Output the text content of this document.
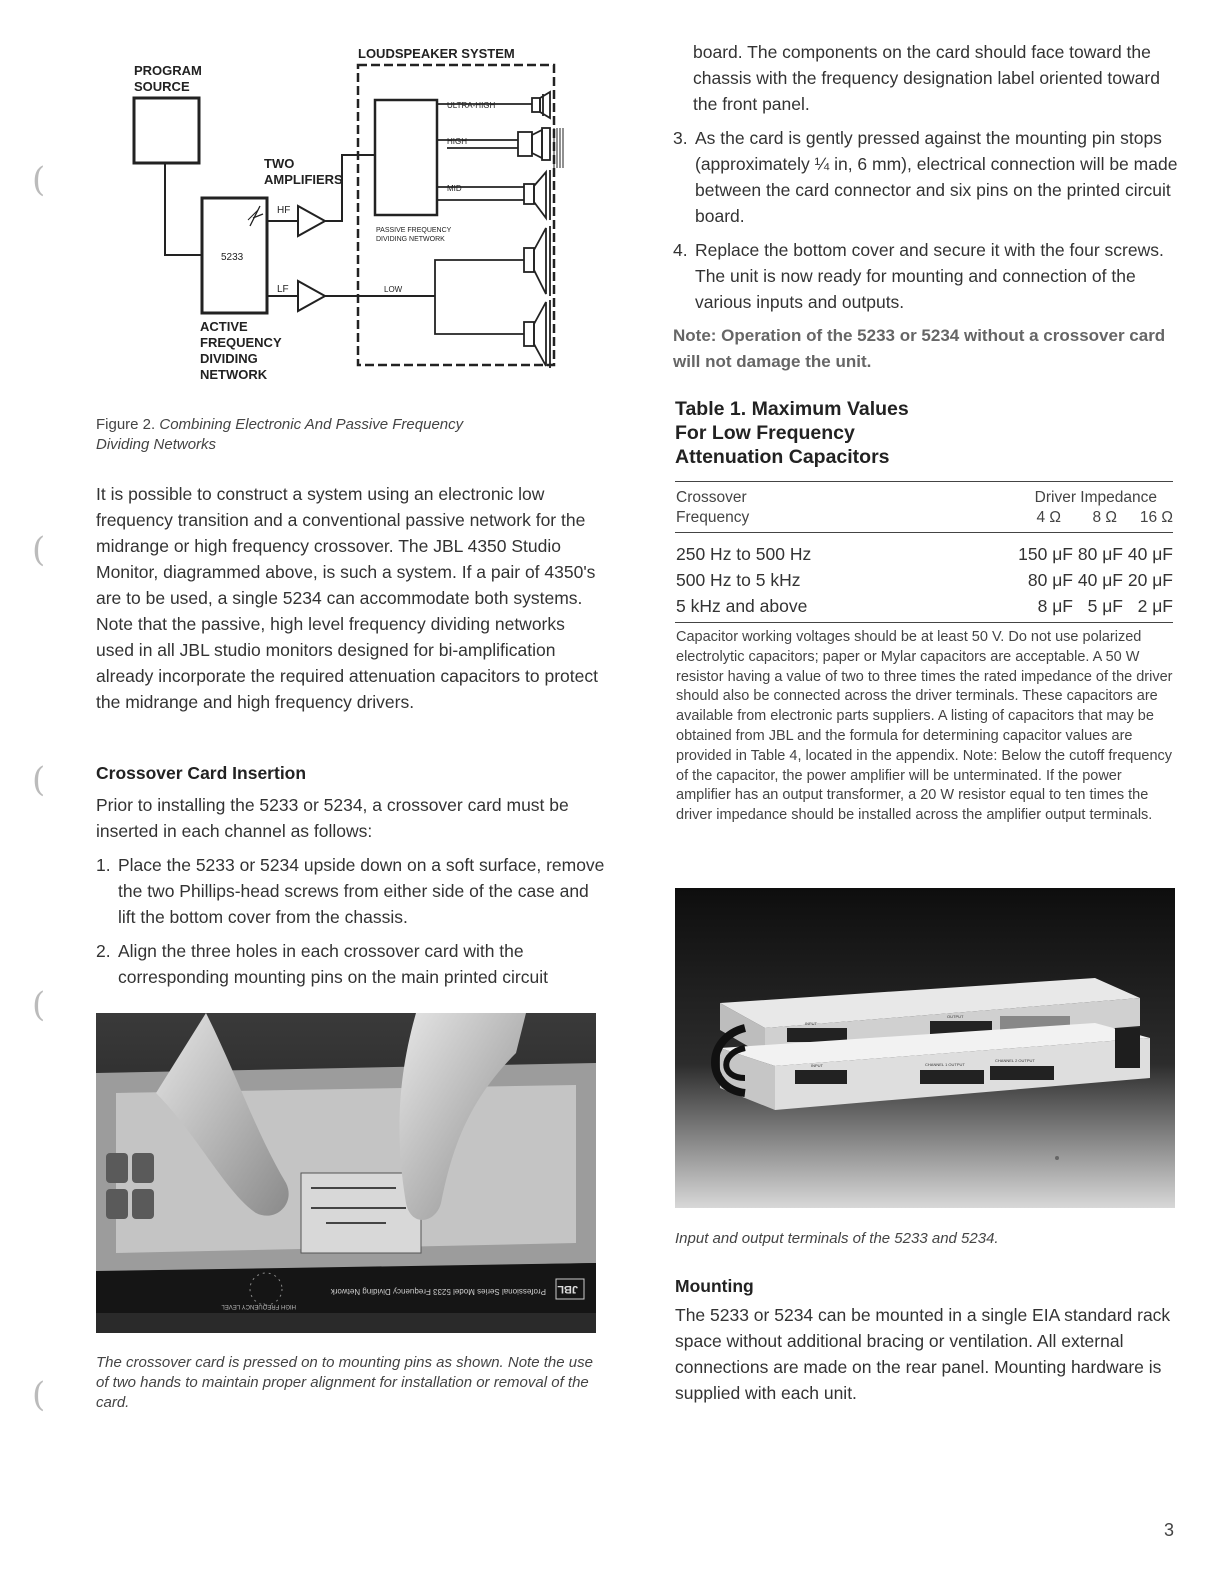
(
(
(
(
(
PROGRAM
SOURCE
LOUDSPEAKER SYSTEM
TWO
AMPLIFIERS
5233
HF
LF
PASSIVE FREQUENCY
DIVIDING NETWORK
ULTRA-HIGH
HIGH
MID
LOW
ACTIVE
FREQUENCY
DIVIDING
NETWORK
Figure 2. Combining Electronic And Passive Frequency
Dividing Networks

It is possible to construct a system using an electronic low frequency transition and a conventional passive network for the midrange or high frequency crossover. The JBL 4350 Studio Monitor, diagrammed above, is such a system. If a pair of 4350's are to be used, a single 5234 can accommodate both systems. Note that the passive, high level frequency dividing networks used in all JBL studio monitors designed for bi-amplification already incorporate the required attenuation capacitors to protect the midrange and high frequency drivers.

Crossover Card Insertion

Prior to installing the 5233 or 5234, a crossover card must be inserted in each channel as follows:

1. Place the 5233 or 5234 upside down on a soft surface, remove the two Phillips-head screws from either side of the case and lift the bottom cover from the chassis.
2. Align the three holes in each crossover card with the corresponding mounting pins on the main printed circuit
Professional Series Model 5233 Frequency Dividing Network JBL
HIGH FREQUENCY LEVEL
The crossover card is pressed on to mounting pins as shown. Note the use of two hands to maintain proper alignment for installation or removal of the card.

board. The components on the card should face toward the chassis with the frequency designation label oriented toward the front panel.

3. As the card is gently pressed against the mounting pin stops (approximately ¼ in, 6 mm), electrical connection will be made between the card connector and six pins on the printed circuit board.
4. Replace the bottom cover and secure it with the four screws. The unit is now ready for mounting and connection of the various inputs and outputs.

Note: Operation of the 5233 or 5234 without a crossover card will not damage the unit.

Table 1. Maximum Values
For Low Frequency
Attenuation Capacitors
Crossover
Frequency
Driver Impedance
4 Ω 8 Ω 16 Ω
250 Hz to 500 Hz	150 μF 80 μF 40 μF
500 Hz to 5 kHz	80 μF 40 μF 20 μF
5 kHz and above	8 μF 5 μF 2 μF
Capacitor working voltages should be at least 50 V. Do not use polarized electrolytic capacitors; paper or Mylar capacitors are acceptable. A 50 W resistor having a value of two to three times the rated impedance of the driver should also be connected across the driver terminals. These capacitors are available from electronic parts suppliers. A listing of capacitors that may be obtained from JBL and the formula for determining capacitor values are provided in Table 4, located in the appendix. Note: Below the cutoff frequency of the capacitor, the power amplifier will be unterminated. If the power amplifier has an output transformer, a 20 W resistor equal to ten times the driver impedance should be installed across the amplifier output terminals.
INPUT
OUTPUT
INPUT	CHANNEL 1 OUTPUT
CHANNEL 2 OUTPUT
Input and output terminals of the 5233 and 5234.
Mounting
The 5233 or 5234 can be mounted in a single EIA standard rack space without additional bracing or ventilation. All external connections are made on the rear panel. Mounting hardware is supplied with each unit.
3
